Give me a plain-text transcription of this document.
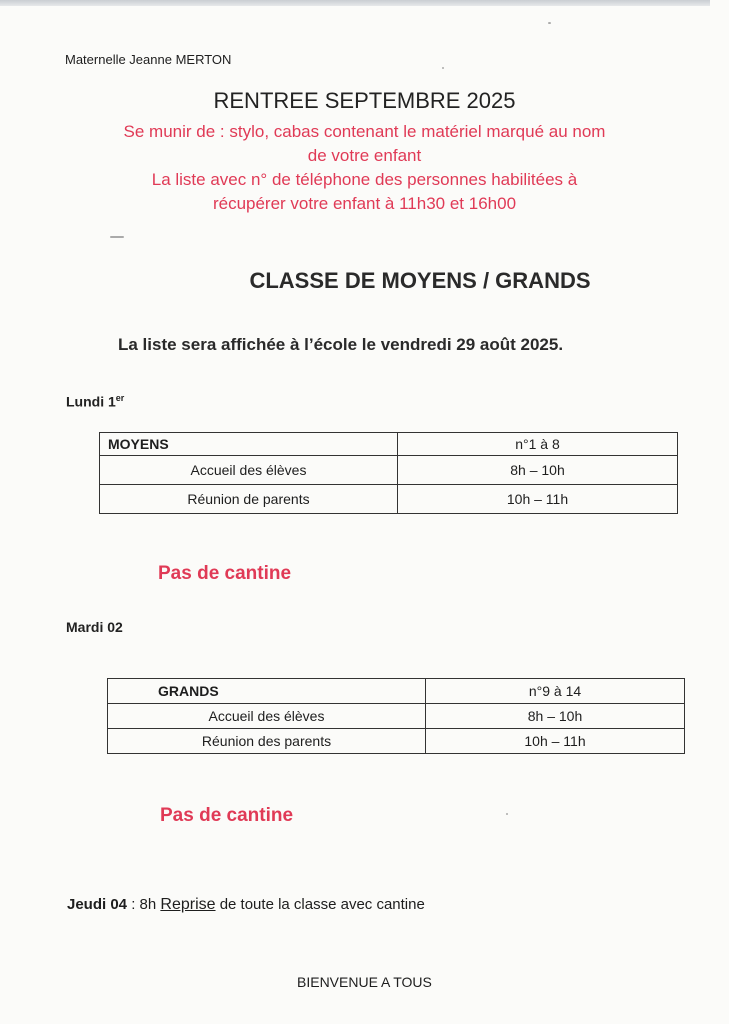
Maternelle Jeanne MERTON

RENTREE SEPTEMBRE 2025

Se munir de : stylo, cabas contenant le matériel marqué au nom

de votre enfant

La liste avec n° de téléphone des personnes habilitées à

récupérer votre enfant à 11h30 et 16h00

CLASSE DE MOYENS / GRANDS

La liste sera affichée à l’école le vendredi 29 août 2025.

Lundi 1er

MOYENS	n°1 à 8
Accueil des élèves	8h – 10h
Réunion de parents	10h – 11h

Pas de cantine

Mardi 02

GRANDS	n°9 à 14
Accueil des élèves	8h – 10h
Réunion des parents	10h – 11h

Pas de cantine

Jeudi 04 : 8h Reprise de toute la classe avec cantine

BIENVENUE A TOUS
